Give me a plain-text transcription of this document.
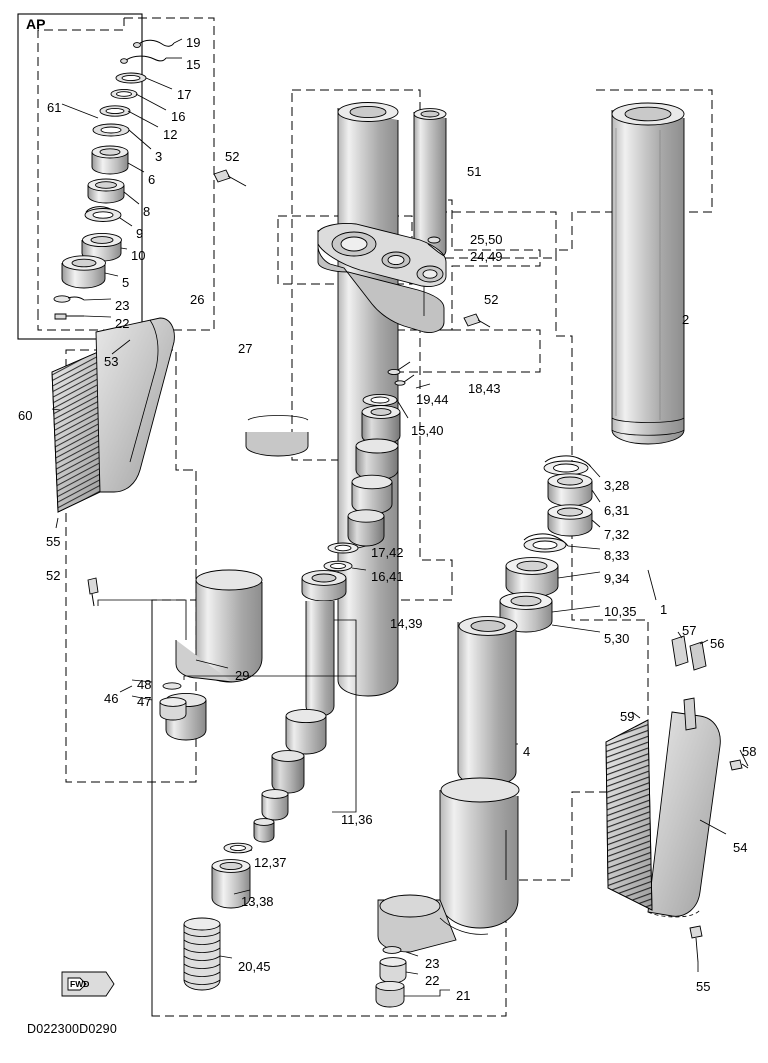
AP
FWD
D022300D0290
19
15
17
16
12
61
3
6
8
9
10
5
23
22
52
51
25,50
24,49
52
2
26
27
53
60
19,44
18,43
15,40
3,28
6,31
7,32
8,33
9,34
10,35
5,30
1
17,42
16,41
14,39
55
52
29
48
47
46
57
56
59
58
4
54
11,36
12,37
13,38
20,45	23
22
21
55
